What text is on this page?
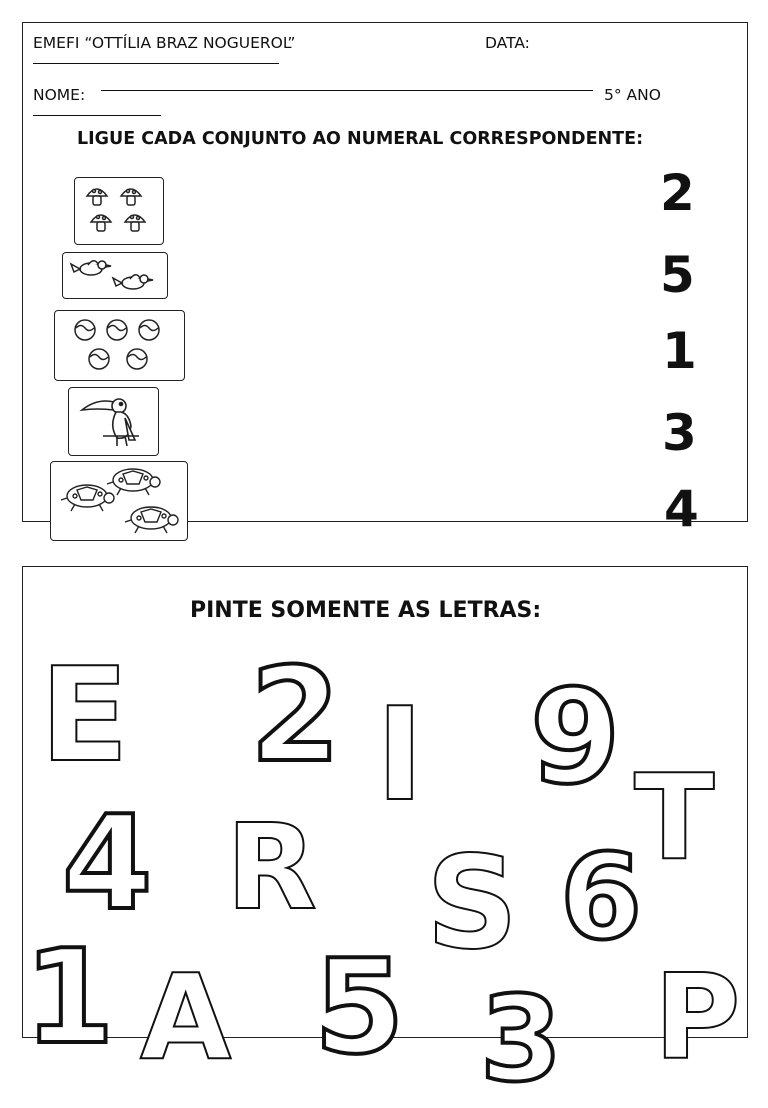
EMEFI “OTTÍLIA BRAZ NOGUEROL”	DATA:
NOME:	5° ANO
LIGUE CADA CONJUNTO AO NUMERAL CORRESPONDENTE:
2
5
1
3
4
PINTE SOMENTE AS LETRAS:
E 2 I 9
T
4 R S 6
1 A 5 3 P
